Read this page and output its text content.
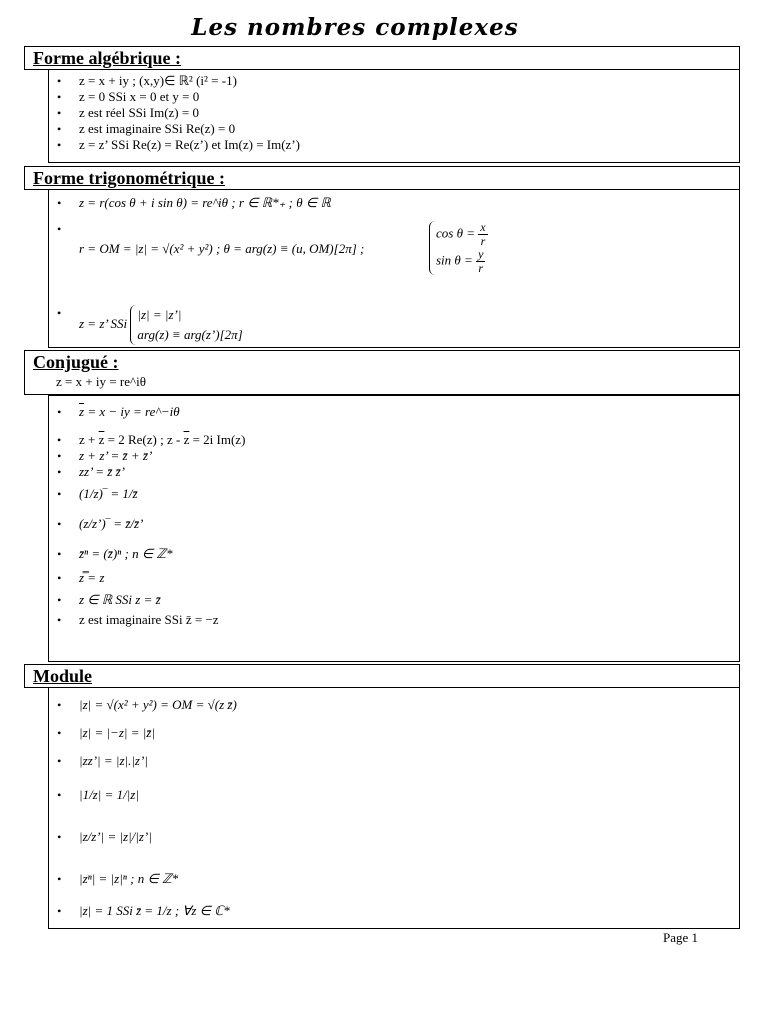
Les nombres complexes
Forme algébrique :
• z = x + iy ; (x,y)∈ ℝ² (i² = -1)
• z = 0 SSi x = 0 et y = 0
• z est réel SSi Im(z) = 0
• z est imaginaire SSi Re(z) = 0
• z = z’ SSi Re(z) = Re(z’) et Im(z) = Im(z’)
Forme trigonométrique :
• z = r(cos θ + i sin θ) = re^iθ ; r ∈ ℝ*₊ ; θ ∈ ℝ
• r = OM = |z| = √(x² + y²) ; θ = arg(z) ≡ (u, OM)[2π] ;
$\cos \theta = \frac{x}{r}$

$\sin \theta = \frac{y}{r}$
• z = z’ SSi |z| = |z’|
arg(z) ≡ arg(z’)[2π]
Conjugué :
z = x + iy = re^iθ
• $\overline{z} = x$ − iy = re^−iθ
• $z + \overline{z} = 2$ Re(z) ; $z - \overline{z} = 2i$ Im(z)
• z + z’ = z̄ + z̄’
• zz’ = z̄ z̄’
• (1/z)‾ = 1/z̄
• (z/z’)‾ = z̄/z̄’
• z̄ⁿ = (z̄)ⁿ ; n ∈ ℤ*
• z̿ = z
• z ∈ ℝ SSi z = z̄
• z est imaginaire SSi z̄ = −z
Module
• |z| = √(x² + y²) = OM = √(z z̄)
• |z| = |−z| = |z̄|
• |zz’| = |z|.|z’|
• |1/z| = 1/|z|
• |z/z’| = |z|/|z’|
• |zⁿ| = |z|ⁿ ; n ∈ ℤ*
• |z| = 1 SSi z̄ = 1/z ; ∀z ∈ ℂ*
Page 1
